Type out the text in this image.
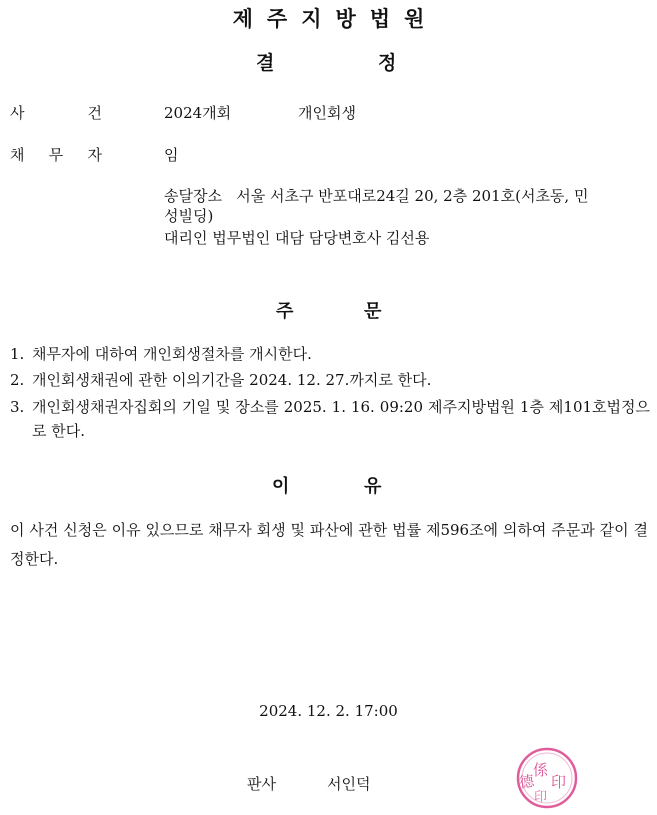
제주지방법원
결	정
사	건	2024개회	개인회생
채 무 자	임
송달장소   서울 서초구 반포대로24길 20, 2층 201호(서초동, 민
성빌딩)
대리인 법무법인 대담 담당변호사 김선용
주	문
1. 채무자에 대하여 개인회생절차를 개시한다.
2. 개인회생채권에 관한 이의기간을 2024. 12. 27.까지로 한다.
3. 개인회생채권자집회의 기일 및 장소를 2025. 1. 16. 09:20 제주지방법원 1층 제101호법정으로 한다.
이	유
이 사건 신청은 이유 있으므로 채무자 회생 및 파산에 관한 법률 제596조에 의하여 주문과 같이 결정한다.
2024. 12. 2. 17:00
판사	서인덕
係
德 印
印
